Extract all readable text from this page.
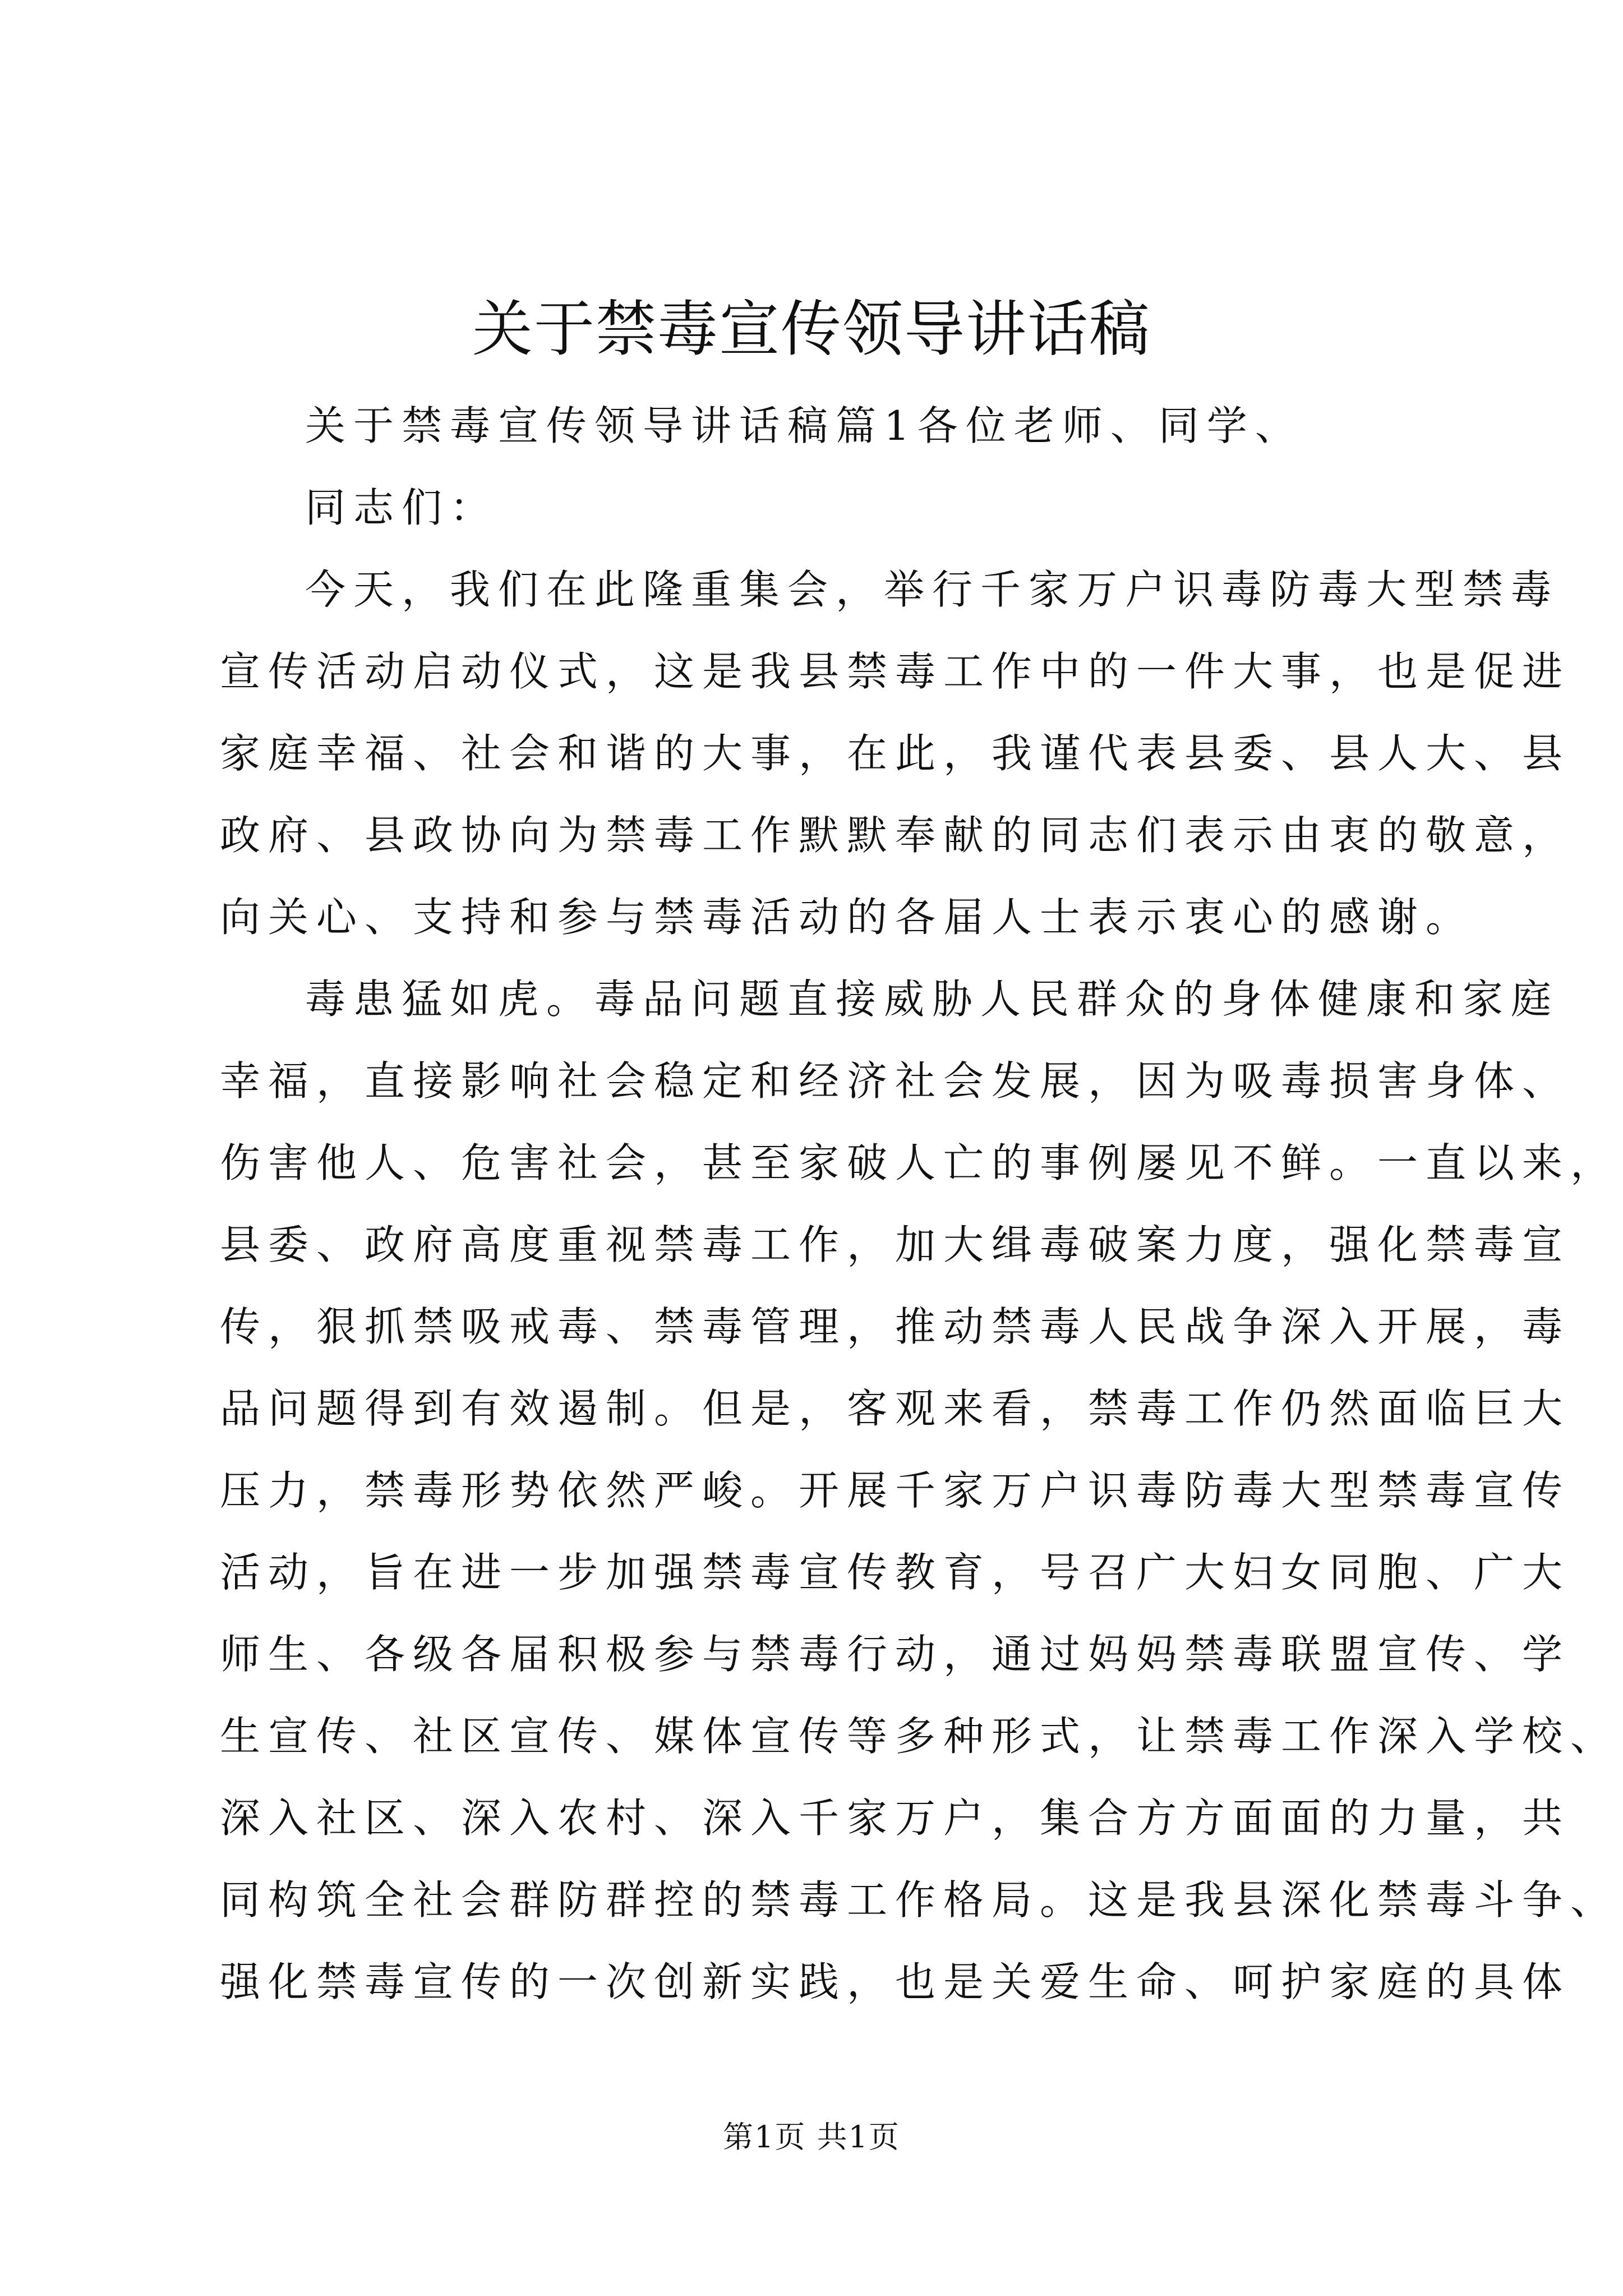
关于禁毒宣传领导讲话稿
关于禁毒宣传领导讲话稿篇1各位老师、同学、
同志们：
今天，我们在此隆重集会，举行千家万户识毒防毒大型禁毒
宣传活动启动仪式，这是我县禁毒工作中的一件大事，也是促进
家庭幸福、社会和谐的大事，在此，我谨代表县委、县人大、县
政府、县政协向为禁毒工作默默奉献的同志们表示由衷的敬意，
向关心、支持和参与禁毒活动的各届人士表示衷心的感谢。
毒患猛如虎。毒品问题直接威胁人民群众的身体健康和家庭
幸福，直接影响社会稳定和经济社会发展，因为吸毒损害身体、
伤害他人、危害社会，甚至家破人亡的事例屡见不鲜。一直以来，
县委、政府高度重视禁毒工作，加大缉毒破案力度，强化禁毒宣
传，狠抓禁吸戒毒、禁毒管理，推动禁毒人民战争深入开展，毒
品问题得到有效遏制。但是，客观来看，禁毒工作仍然面临巨大
压力，禁毒形势依然严峻。开展千家万户识毒防毒大型禁毒宣传
活动，旨在进一步加强禁毒宣传教育，号召广大妇女同胞、广大
师生、各级各届积极参与禁毒行动，通过妈妈禁毒联盟宣传、学
生宣传、社区宣传、媒体宣传等多种形式，让禁毒工作深入学校、
深入社区、深入农村、深入千家万户，集合方方面面的力量，共
同构筑全社会群防群控的禁毒工作格局。这是我县深化禁毒斗争、
强化禁毒宣传的一次创新实践，也是关爱生命、呵护家庭的具体
第1页 共1页
